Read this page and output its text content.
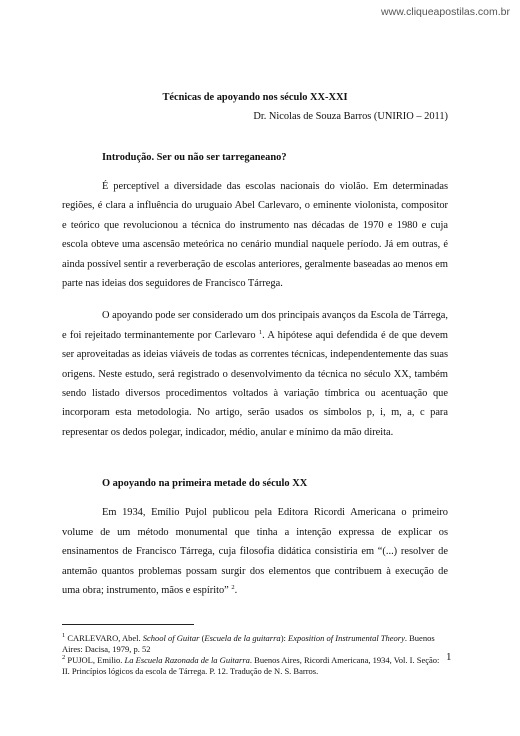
www.cliqueapostilas.com.br

Técnicas de apoyando nos século XX-XXI

Dr. Nicolas de Souza Barros (UNIRIO – 2011)

Introdução. Ser ou não ser tarreganeano?

É perceptível a diversidade das escolas nacionais do violão. Em determinadas regiões, é clara a influência do uruguaio Abel Carlevaro, o eminente violonista, compositor e teórico que revolucionou a técnica do instrumento nas décadas de 1970 e 1980 e cuja escola obteve uma ascensão meteórica no cenário mundial naquele período. Já em outras, é ainda possível sentir a reverberação de escolas anteriores, geralmente baseadas ao menos em parte nas ideias dos seguidores de Francisco Tárrega.

O apoyando pode ser considerado um dos principais avanços da Escola de Tárrega, e foi rejeitado terminantemente por Carlevaro $^1$. A hipótese aqui defendida é de que devem ser aproveitadas as ideias viáveis de todas as correntes técnicas, independentemente das suas origens. Neste estudo, será registrado o desenvolvimento da técnica no século XX, também sendo listado diversos procedimentos voltados à variação tímbrica ou acentuação que incorporam esta metodologia. No artigo, serão usados os símbolos p, i, m, a, c para representar os dedos polegar, indicador, médio, anular e mínimo da mão direita.

O apoyando na primeira metade do século XX

Em 1934, Emílio Pujol publicou pela Editora Ricordi Americana o primeiro volume de um método monumental que tinha a intenção expressa de explicar os ensinamentos de Francisco Tárrega, cuja filosofia didática consistiria em “(...) resolver de antemão quantos problemas possam surgir dos elementos que contribuem à execução de uma obra; instrumento, mãos e espírito” $^2$.

$^1$ CARLEVARO, Abel. School of Guitar (Escuela de la guitarra): Exposition of Instrumental Theory. Buenos Aires: Dacisa, 1979, p. 52

$^2$ PUJOL, Emilio. La Escuela Razonada de la Guitarra. Buenos Aires, Ricordi Americana, 1934, Vol. I. Seção: II. Princípios lógicos da escola de Tárrega. P. 12. Tradução de N. S. Barros.

1
